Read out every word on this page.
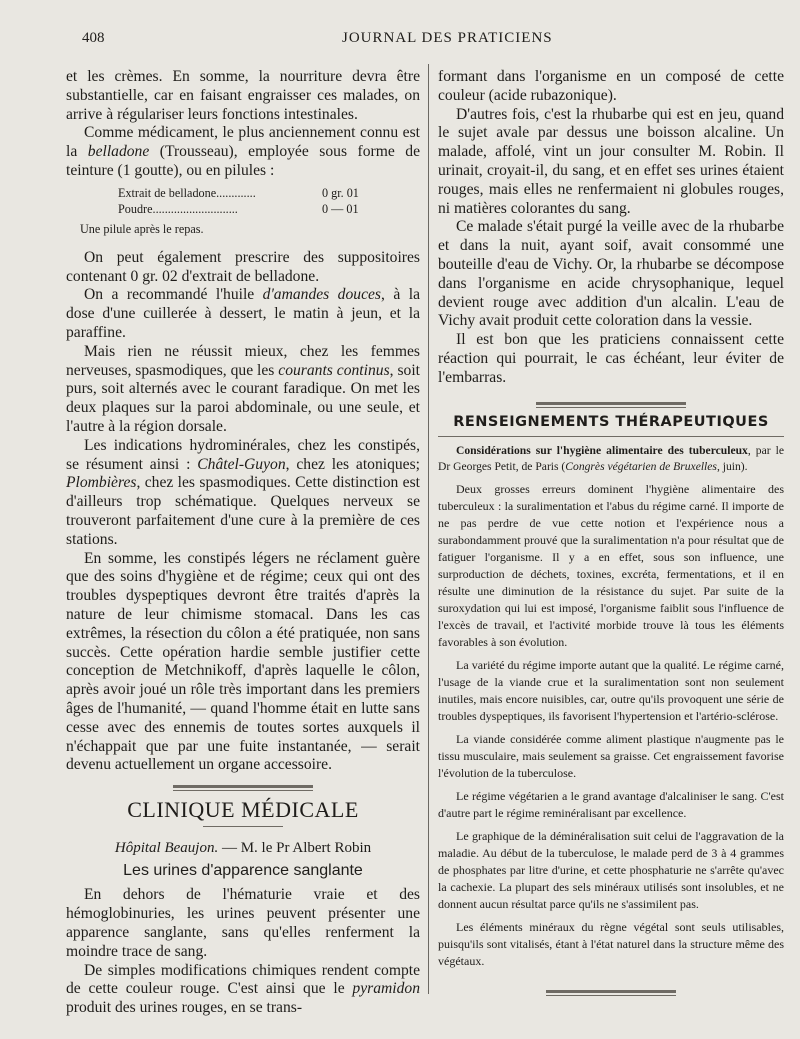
408	JOURNAL DES PRATICIENS

et les crèmes. En somme, la nourriture devra être substantielle, car en faisant engraisser ces malades, on arrive à régulariser leurs fonctions intestinales.

Comme médicament, le plus anciennement connu est la belladone (Trousseau), employée sous forme de teinture (1 goutte), ou en pilules :

Extrait de belladone.............	0 gr. 01
Poudre............................	0 — 01

Une pilule après le repas.

On peut également prescrire des suppositoires contenant 0 gr. 02 d'extrait de belladone.

On a recommandé l'huile d'amandes douces, à la dose d'une cuillerée à dessert, le matin à jeun, et la paraffine.

Mais rien ne réussit mieux, chez les femmes nerveuses, spasmodiques, que les courants continus, soit purs, soit alternés avec le courant faradique. On met les deux plaques sur la paroi abdominale, ou une seule, et l'autre à la région dorsale.

Les indications hydrominérales, chez les constipés, se résument ainsi : Châtel-Guyon, chez les atoniques; Plombières, chez les spasmodiques. Cette distinction est d'ailleurs trop schématique. Quelques nerveux se trouveront parfaitement d'une cure à la première de ces stations.

En somme, les constipés légers ne réclament guère que des soins d'hygiène et de régime; ceux qui ont des troubles dyspeptiques devront être traités d'après la nature de leur chimisme stomacal. Dans les cas extrêmes, la résection du côlon a été pratiquée, non sans succès. Cette opération hardie semble justifier cette conception de Metchnikoff, d'après laquelle le côlon, après avoir joué un rôle très important dans les premiers âges de l'humanité, — quand l'homme était en lutte sans cesse avec des ennemis de toutes sortes auxquels il n'échappait que par une fuite instantanée, — serait devenu actuellement un organe accessoire.

CLINIQUE MÉDICALE

Hôpital Beaujon. — M. le Pr Albert Robin

Les urines d'apparence sanglante

En dehors de l'hématurie vraie et des hémoglobinuries, les urines peuvent présenter une apparence sanglante, sans qu'elles renferment la moindre trace de sang.

De simples modifications chimiques rendent compte de cette couleur rouge. C'est ainsi que le pyramidon produit des urines rouges, en se trans-

formant dans l'organisme en un composé de cette couleur (acide rubazonique).

D'autres fois, c'est la rhubarbe qui est en jeu, quand le sujet avale par dessus une boisson alcaline. Un malade, affolé, vint un jour consulter M. Robin. Il urinait, croyait-il, du sang, et en effet ses urines étaient rouges, mais elles ne renfermaient ni globules rouges, ni matières colorantes du sang.

Ce malade s'était purgé la veille avec de la rhubarbe et dans la nuit, ayant soif, avait consommé une bouteille d'eau de Vichy. Or, la rhubarbe se décompose dans l'organisme en acide chrysophanique, lequel devient rouge avec addition d'un alcalin. L'eau de Vichy avait produit cette coloration dans la vessie.

Il est bon que les praticiens connaissent cette réaction qui pourrait, le cas échéant, leur éviter de l'embarras.

RENSEIGNEMENTS THÉRAPEUTIQUES

Considérations sur l'hygiène alimentaire des tuberculeux, par le Dr Georges Petit, de Paris (Congrès végétarien de Bruxelles, juin).

Deux grosses erreurs dominent l'hygiène alimentaire des tuberculeux : la suralimentation et l'abus du régime carné. Il importe de ne pas perdre de vue cette notion et l'expérience nous a surabondamment prouvé que la suralimentation n'a pour résultat que de fatiguer l'organisme. Il y a en effet, sous son influence, une surproduction de déchets, toxines, excréta, fermentations, et il en résulte une diminution de la résistance du sujet. Par suite de la suroxydation qui lui est imposé, l'organisme faiblit sous l'influence de l'excès de travail, et l'activité morbide trouve là tous les éléments favorables à son évolution.

La variété du régime importe autant que la qualité. Le régime carné, l'usage de la viande crue et la suralimentation sont non seulement inutiles, mais encore nuisibles, car, outre qu'ils provoquent une série de troubles dyspeptiques, ils favorisent l'hypertension et l'artério-sclérose.

La viande considérée comme aliment plastique n'augmente pas le tissu musculaire, mais seulement sa graisse. Cet engraissement favorise l'évolution de la tuberculose.

Le régime végétarien a le grand avantage d'alcaliniser le sang. C'est d'autre part le régime reminéralisant par excellence.

Le graphique de la déminéralisation suit celui de l'aggravation de la maladie. Au début de la tuberculose, le malade perd de 3 à 4 grammes de phosphates par litre d'urine, et cette phosphaturie ne s'arrête qu'avec la cachexie. La plupart des sels minéraux utilisés sont insolubles, et ne donnent aucun résultat parce qu'ils ne s'assimilent pas.

Les éléments minéraux du règne végétal sont seuls utilisables, puisqu'ils sont vitalisés, étant à l'état naturel dans la structure même des végétaux.
